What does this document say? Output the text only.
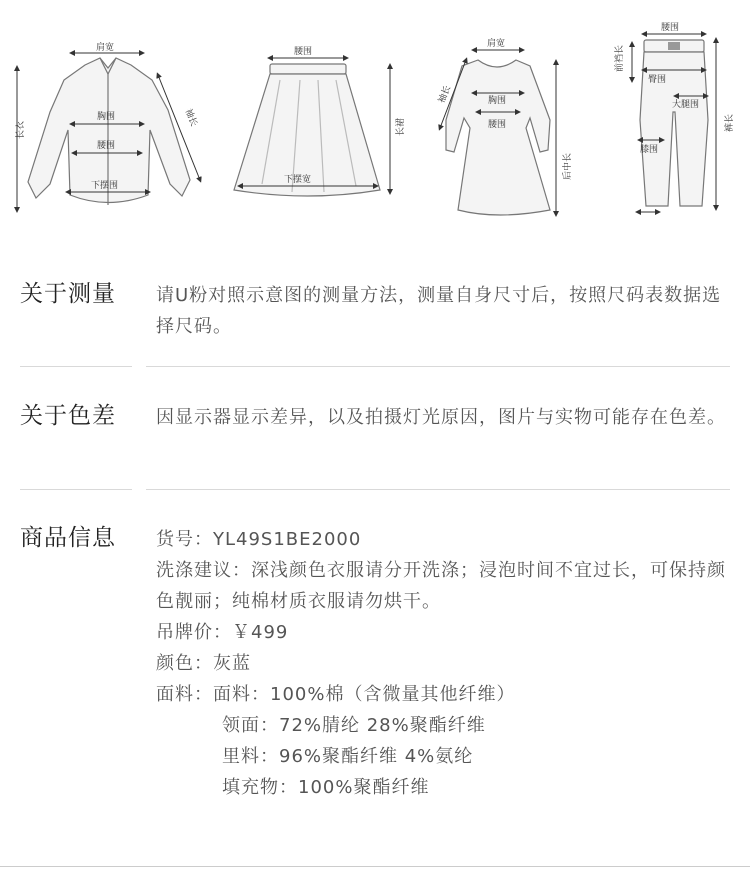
肩宽
长衣
袖长
胸围
腰围
下摆围
腰围
长裙
下摆宽
肩宽
袖长	胸围
腰围
后中长
腰围
前裆长
臀围
大腿围
裤长
膝围
关于测量	请U粉对照示意图的测量方法，测量自身尺寸后，按照尺码表数据选择尺码。
关于色差	因显示器显示差异，以及拍摄灯光原因，图片与实物可能存在色差。
商品信息	货号：YL49S1BE2000
洗涤建议：深浅颜色衣服请分开洗涤；浸泡时间不宜过长，可保持颜色靓丽；纯棉材质衣服请勿烘干。
吊牌价：￥499
颜色：灰蓝
面料：面料：100%棉（含微量其他纤维）
领面：72%腈纶 28%聚酯纤维
里料：96%聚酯纤维 4%氨纶
填充物：100%聚酯纤维
